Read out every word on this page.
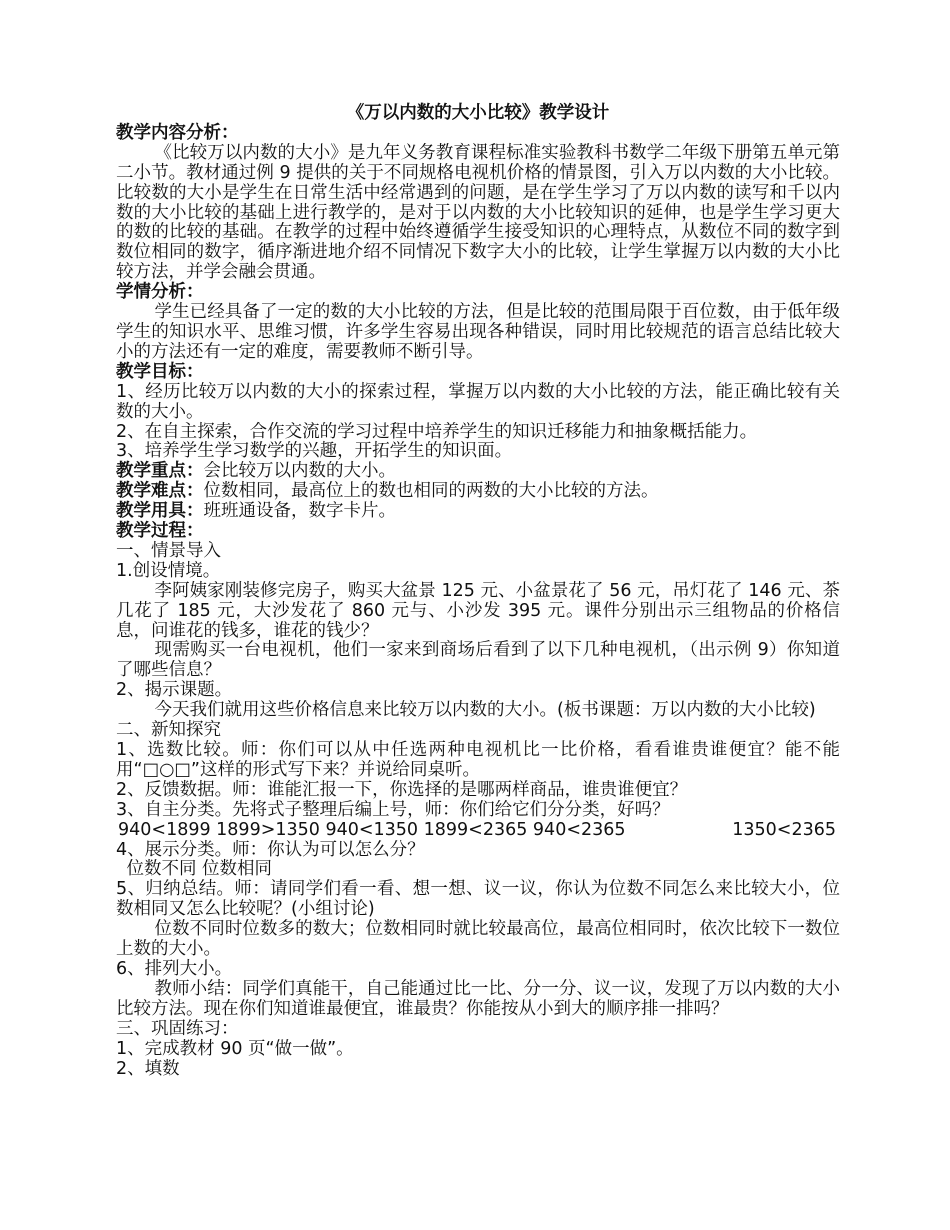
《万以内数的大小比较》教学设计

教学内容分析：

《比较万以内数的大小》是九年义务教育课程标准实验教科书数学二年级下册第五单元第二小节。教材通过例 9 提供的关于不同规格电视机价格的情景图，引入万以内数的大小比较。比较数的大小是学生在日常生活中经常遇到的问题，是在学生学习了万以内数的读写和千以内数的大小比较的基础上进行教学的，是对于以内数的大小比较知识的延伸，也是学生学习更大的数的比较的基础。在教学的过程中始终遵循学生接受知识的心理特点，从数位不同的数字到数位相同的数字，循序渐进地介绍不同情况下数字大小的比较，让学生掌握万以内数的大小比较方法，并学会融会贯通。

学情分析：

学生已经具备了一定的数的大小比较的方法，但是比较的范围局限于百位数，由于低年级学生的知识水平、思维习惯，许多学生容易出现各种错误，同时用比较规范的语言总结比较大小的方法还有一定的难度，需要教师不断引导。

教学目标：

1、经历比较万以内数的大小的探索过程，掌握万以内数的大小比较的方法，能正确比较有关数的大小。

2、在自主探索，合作交流的学习过程中培养学生的知识迁移能力和抽象概括能力。

3、培养学生学习数学的兴趣，开拓学生的知识面。

教学重点：会比较万以内数的大小。

教学难点：位数相同，最高位上的数也相同的两数的大小比较的方法。

教学用具：班班通设备，数字卡片。

教学过程：

一、情景导入

1.创设情境。

李阿姨家刚装修完房子，购买大盆景 125 元、小盆景花了 56 元，吊灯花了 146 元、茶几花了 185 元，大沙发花了 860 元与、小沙发 395 元。课件分别出示三组物品的价格信息，问谁花的钱多，谁花的钱少？

现需购买一台电视机，他们一家来到商场后看到了以下几种电视机，（出示例 9）你知道了哪些信息？

2、揭示课题。

今天我们就用这些价格信息来比较万以内数的大小。(板书课题：万以内数的大小比较)

二、新知探究

1、选数比较。师：你们可以从中任选两种电视机比一比价格，看看谁贵谁便宜？能不能用“□○□”这样的形式写下来？并说给同桌听。

2、反馈数据。师：谁能汇报一下，你选择的是哪两样商品，谁贵谁便宜？

3、自主分类。先将式子整理后编上号，师：你们给它们分分类，好吗？

940<1899 1899>1350 940<1350 1899<2365 940<2365	1350<2365

4、展示分类。师：你认为可以怎么分？

位数不同 位数相同

5、归纳总结。师：请同学们看一看、想一想、议一议，你认为位数不同怎么来比较大小，位数相同又怎么比较呢？(小组讨论)

位数不同时位数多的数大；位数相同时就比较最高位，最高位相同时，依次比较下一数位上数的大小。

6、排列大小。

教师小结：同学们真能干，自己能通过比一比、分一分、议一议，发现了万以内数的大小比较方法。现在你们知道谁最便宜，谁最贵？你能按从小到大的顺序排一排吗？

三、巩固练习：

1、完成教材 90 页“做一做”。

2、填数
